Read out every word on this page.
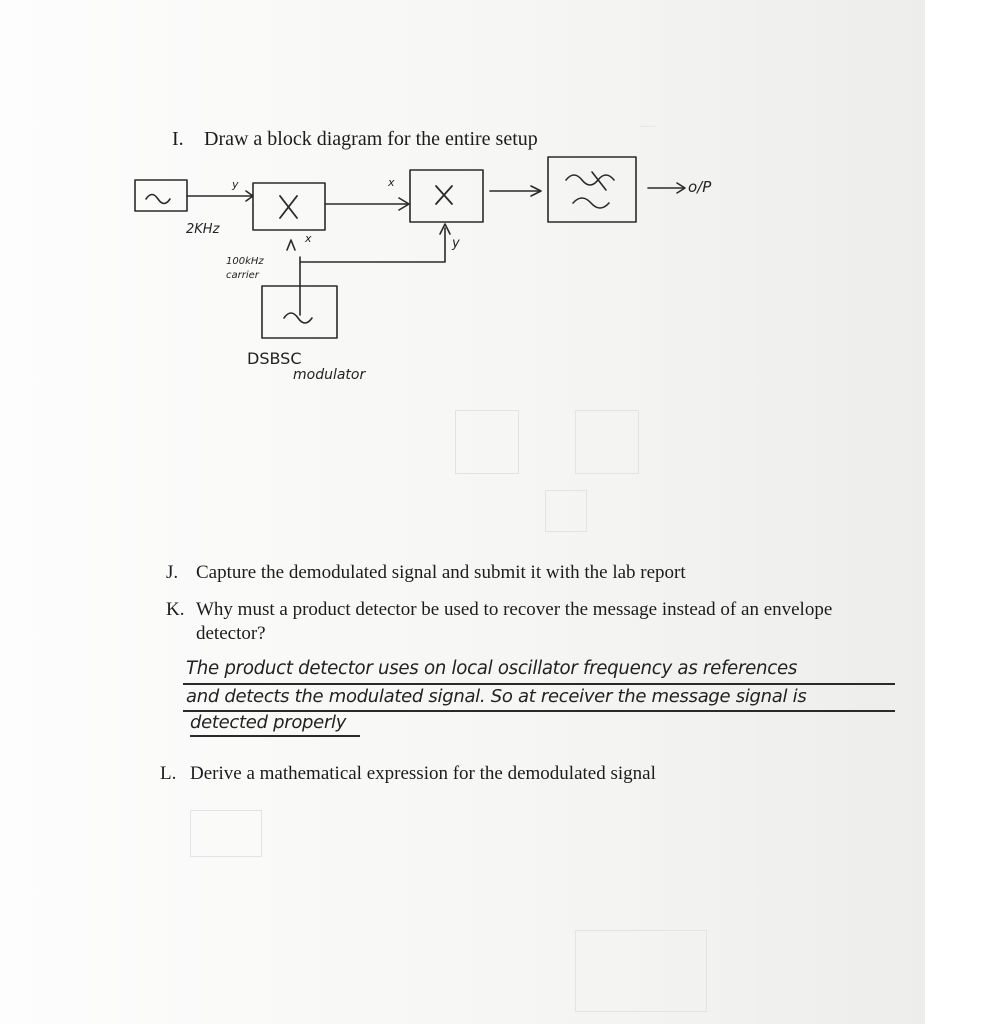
—
I. Draw a block diagram for the entire setup
2KHz
y
x
x
y
100kHz
carrier
o/P
DSBSC
modulator
J. Capture the demodulated signal and submit it with the lab report
K. Why must a product detector be used to recover the message instead of an envelope
detector?
The product detector uses on local oscillator frequency as references
and detects the modulated signal. So at receiver the message signal is
detected properly
L. Derive a mathematical expression for the demodulated signal
